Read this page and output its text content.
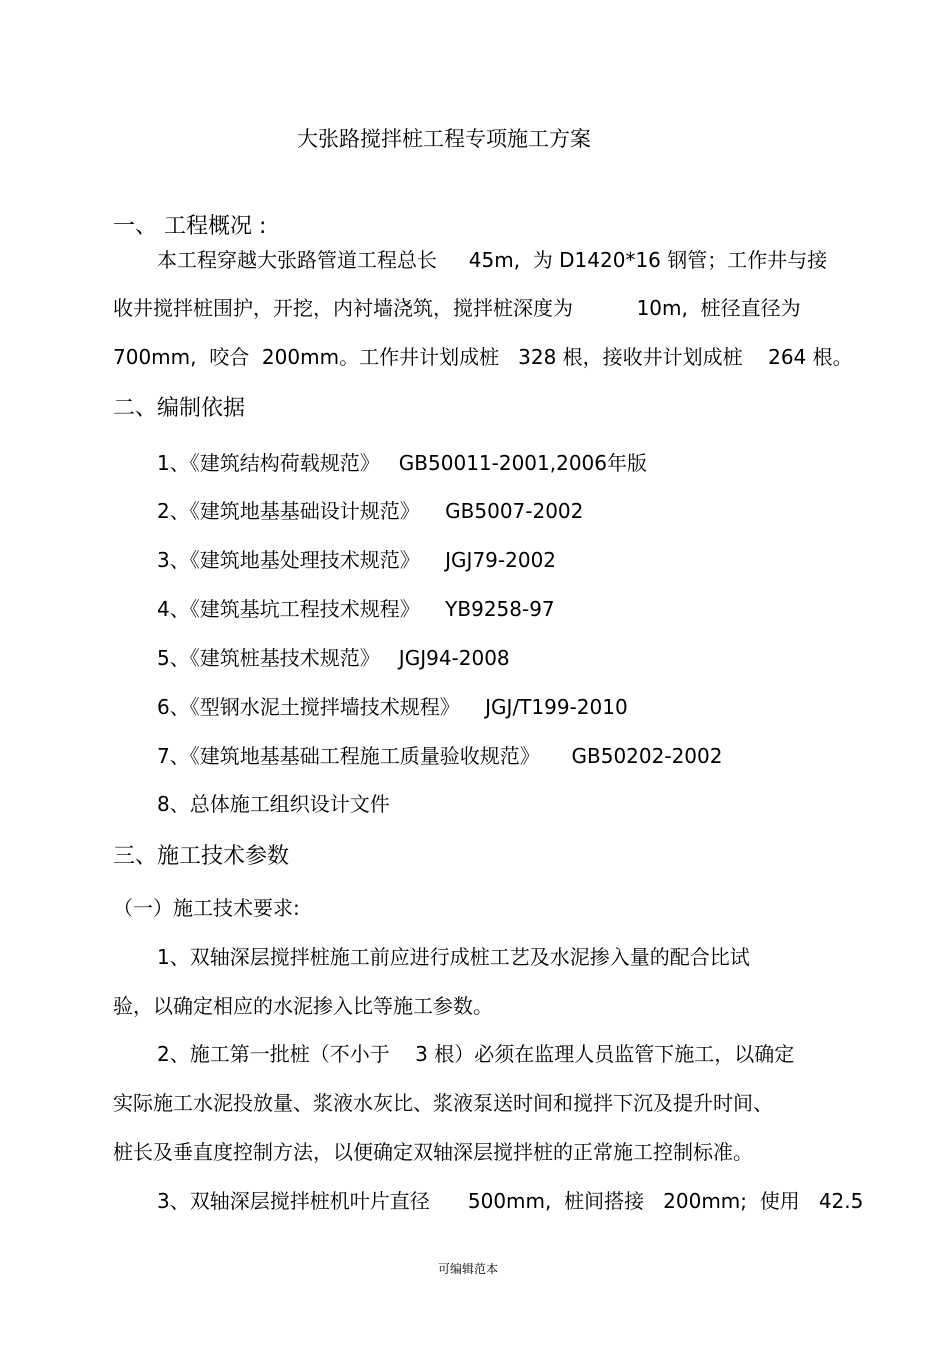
大张路搅拌桩工程专项施工方案

一、 工程概况 :

本工程穿越大张路管道工程总长     45m,  为 D1420*16 钢管；工作井与接

收井搅拌桩围护，开挖，内衬墙浇筑，搅拌桩深度为          10m,  桩径直径为

700mm,  咬合  200mm。工作井计划成桩   328 根，接收井计划成桩    264 根。

二、编制依据

1、《建筑结构荷载规范》   GB50011-2001,2006年版

2、《建筑地基基础设计规范》    GB5007-2002

3、《建筑地基处理技术规范》    JGJ79-2002

4、《建筑基坑工程技术规程》    YB9258-97

5、《建筑桩基技术规范》   JGJ94-2008

6、《型钢水泥土搅拌墙技术规程》    JGJ/T199-2010

7、《建筑地基基础工程施工质量验收规范》     GB50202-2002

8、总体施工组织设计文件

三、施工技术参数

（一）施工技术要求:

1、双轴深层搅拌桩施工前应进行成桩工艺及水泥掺入量的配合比试

验，以确定相应的水泥掺入比等施工参数。

2、施工第一批桩（不小于    3 根）必须在监理人员监管下施工，以确定

实际施工水泥投放量、浆液水灰比、浆液泵送时间和搅拌下沉及提升时间、

桩长及垂直度控制方法，以便确定双轴深层搅拌桩的正常施工控制标准。

3、双轴深层搅拌桩机叶片直径      500mm,  桩间搭接   200mm;  使用   42.5

可编辑范本
